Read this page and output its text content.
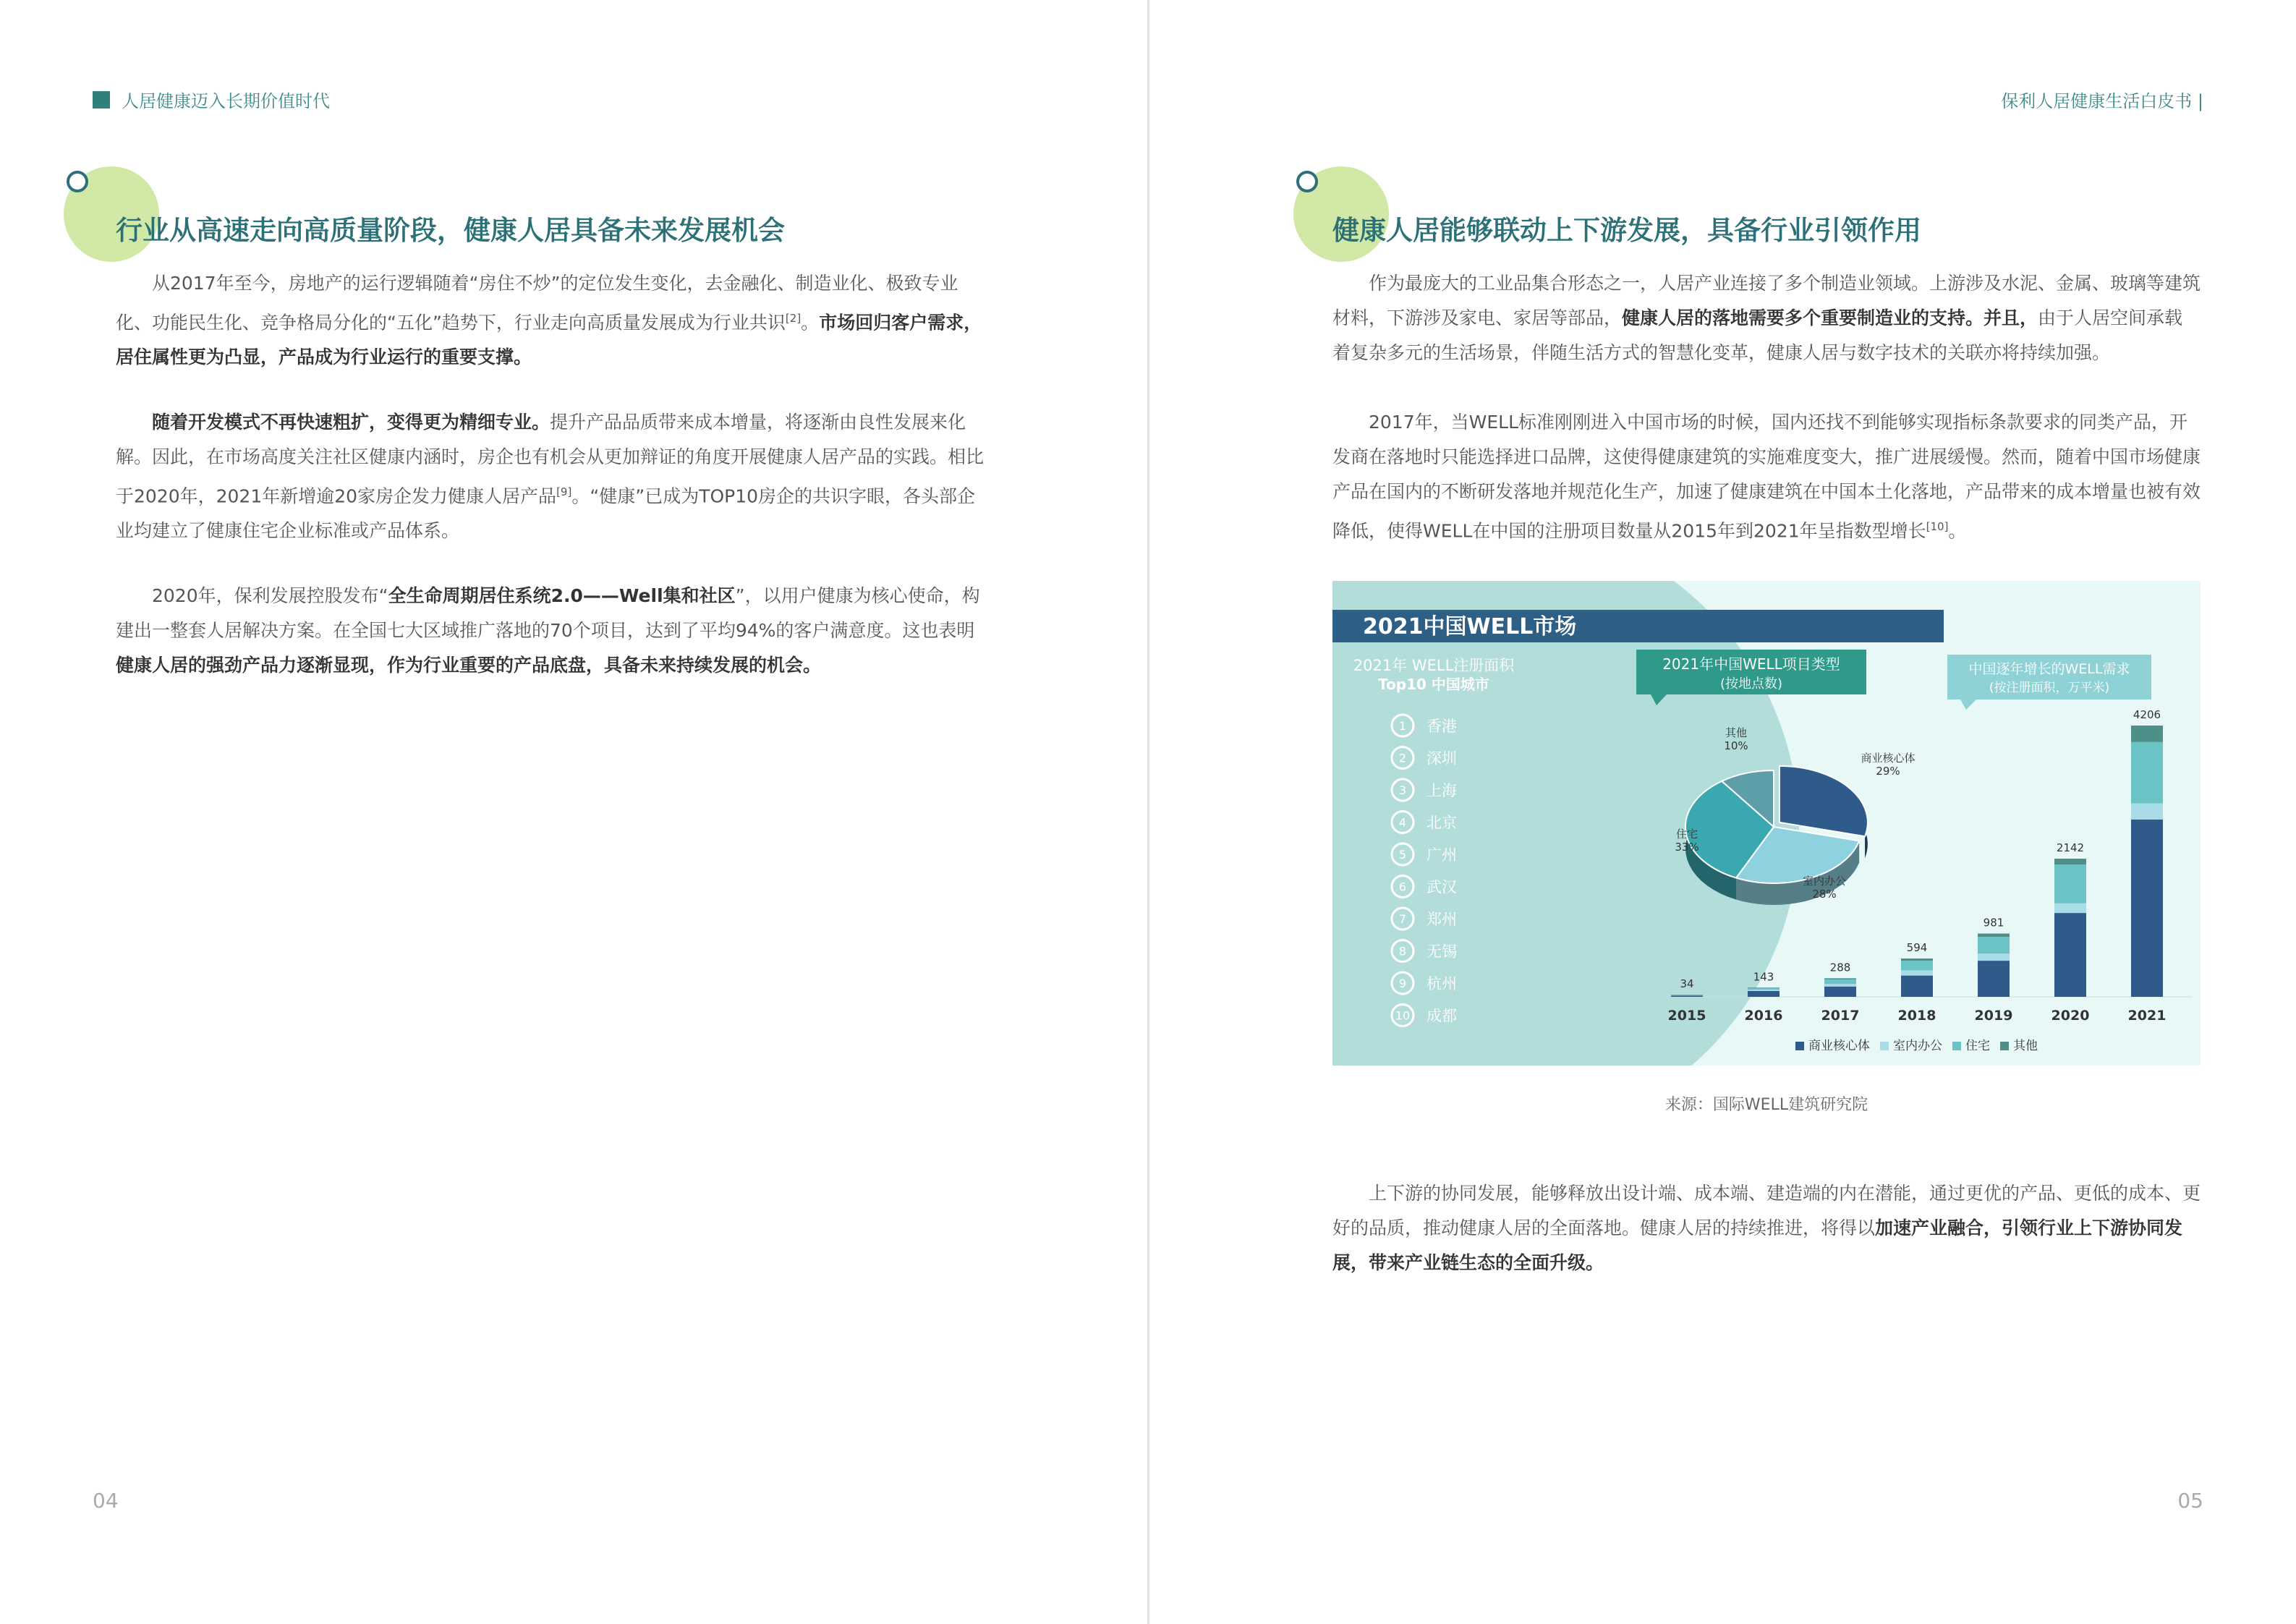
人居健康迈入长期价值时代
行业从高速走向高质量阶段，健康人居具备未来发展机会
从2017年至今，房地产的运行逻辑随着“房住不炒”的定位发生变化，去金融化、制造业化、极致专业化、功能民生化、竞争格局分化的“五化”趋势下，行业走向高质量发展成为行业共识[2]。市场回归客户需求，居住属性更为凸显，产品成为行业运行的重要支撑。
随着开发模式不再快速粗扩，变得更为精细专业。提升产品品质带来成本增量，将逐渐由良性发展来化解。因此，在市场高度关注社区健康内涵时，房企也有机会从更加辩证的角度开展健康人居产品的实践。相比于2020年，2021年新增逾20家房企发力健康人居产品[9]。“健康”已成为TOP10房企的共识字眼，各头部企业均建立了健康住宅企业标准或产品体系。
2020年，保利发展控股发布“全生命周期居住系统2.0——Well集和社区”，以用户健康为核心使命，构建出一整套人居解决方案。在全国七大区域推广落地的70个项目，达到了平均94%的客户满意度。这也表明健康人居的强劲产品力逐渐显现，作为行业重要的产品底盘，具备未来持续发展的机会。
04
保利人居健康生活白皮书 |
健康人居能够联动上下游发展，具备行业引领作用
作为最庞大的工业品集合形态之一，人居产业连接了多个制造业领域。上游涉及水泥、金属、玻璃等建筑材料，下游涉及家电、家居等部品，健康人居的落地需要多个重要制造业的支持。并且，由于人居空间承载着复杂多元的生活场景，伴随生活方式的智慧化变革，健康人居与数字技术的关联亦将持续加强。
2017年，当WELL标准刚刚进入中国市场的时候，国内还找不到能够实现指标条款要求的同类产品，开发商在落地时只能选择进口品牌，这使得健康建筑的实施难度变大，推广进展缓慢。然而，随着中国市场健康产品在国内的不断研发落地并规范化生产，加速了健康建筑在中国本土化落地，产品带来的成本增量也被有效降低，使得WELL在中国的注册项目数量从2015年到2021年呈指数型增长[10]。
2021中国WELL市场
2021年 WELL注册面积
Top10 中国城市
1 香港
2 深圳
3 上海
4 北京
5 广州
6 武汉
7 郑州
8 无锡
9 杭州
10 成都
2021年中国WELL项目类型
(按地点数)
商业核心体
29%
室内办公
28%
住宅
33%
其他
10%
中国逐年增长的WELL需求
(按注册面积，万平米)
34
2015
143
2016
288
2017
594
2018
981
2019
2142
2020
4206
2021
商业核心体	室内办公	住宅	其他
来源：国际WELL建筑研究院
上下游的协同发展，能够释放出设计端、成本端、建造端的内在潜能，通过更优的产品、更低的成本、更好的品质，推动健康人居的全面落地。健康人居的持续推进，将得以加速产业融合，引领行业上下游协同发展，带来产业链生态的全面升级。
05
